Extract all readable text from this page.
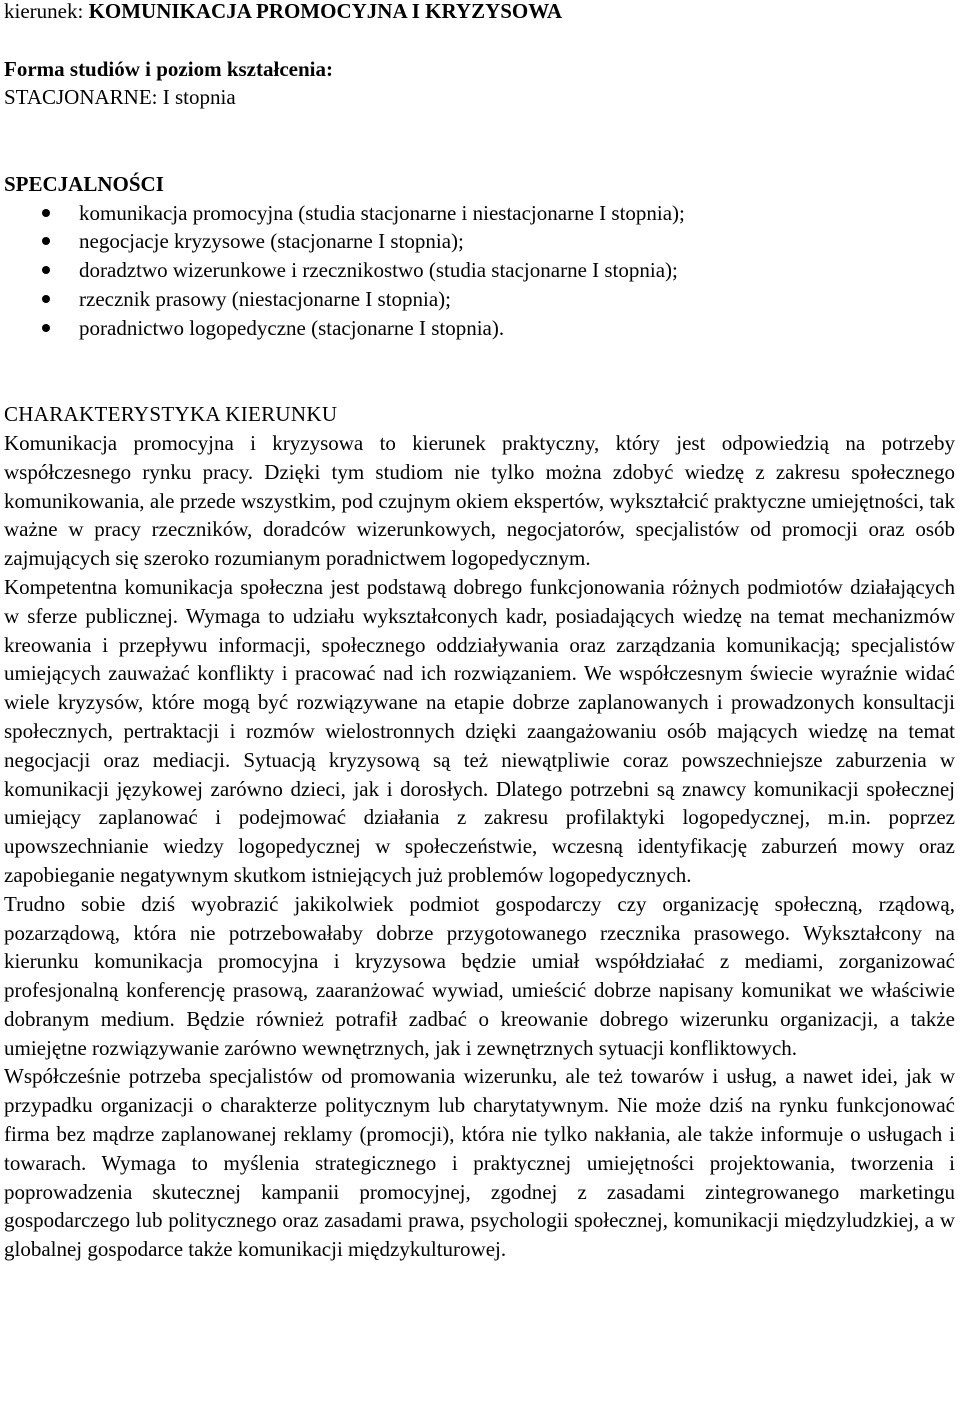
kierunek: KOMUNIKACJA PROMOCYJNA I KRYZYSOWA

Forma studiów i poziom kształcenia:

STACJONARNE: I stopnia

SPECJALNOŚCI

komunikacja promocyjna (studia stacjonarne i niestacjonarne I stopnia);
negocjacje kryzysowe (stacjonarne I stopnia);
doradztwo wizerunkowe i rzecznikostwo (studia stacjonarne I stopnia);
rzecznik prasowy (niestacjonarne I stopnia);
poradnictwo logopedyczne (stacjonarne I stopnia).

CHARAKTERYSTYKA KIERUNKU

Komunikacja promocyjna i kryzysowa to kierunek praktyczny, który jest odpowiedzią na potrzeby współczesnego rynku pracy. Dzięki tym studiom nie tylko można zdobyć wiedzę z zakresu społecznego komunikowania, ale przede wszystkim, pod czujnym okiem ekspertów, wykształcić praktyczne umiejętności, tak ważne w pracy rzeczników, doradców wizerunkowych, negocjatorów, specjalistów od promocji oraz osób zajmujących się szeroko rozumianym poradnictwem logopedycznym.

Kompetentna komunikacja społeczna jest podstawą dobrego funkcjonowania różnych podmiotów działających w sferze publicznej. Wymaga to udziału wykształconych kadr, posiadających wiedzę na temat mechanizmów kreowania i przepływu informacji, społecznego oddziaływania oraz zarządzania komunikacją; specjalistów umiejących zauważać konflikty i pracować nad ich rozwiązaniem. We współczesnym świecie wyraźnie widać wiele kryzysów, które mogą być rozwiązywane na etapie dobrze zaplanowanych i prowadzonych konsultacji społecznych, pertraktacji i rozmów wielostronnych dzięki zaangażowaniu osób mających wiedzę na temat negocjacji oraz mediacji. Sytuacją kryzysową są też niewątpliwie coraz powszechniejsze zaburzenia w komunikacji językowej zarówno dzieci, jak i dorosłych. Dlatego potrzebni są znawcy komunikacji społecznej umiejący zaplanować i podejmować działania z zakresu profilaktyki logopedycznej, m.in. poprzez upowszechnianie wiedzy logopedycznej w społeczeństwie, wczesną identyfikację zaburzeń mowy oraz zapobieganie negatywnym skutkom istniejących już problemów logopedycznych.

Trudno sobie dziś wyobrazić jakikolwiek podmiot gospodarczy czy organizację społeczną, rządową, pozarządową, która nie potrzebowałaby dobrze przygotowanego rzecznika prasowego. Wykształcony na kierunku komunikacja promocyjna i kryzysowa będzie umiał współdziałać z mediami, zorganizować profesjonalną konferencję prasową, zaaranżować wywiad, umieścić dobrze napisany komunikat we właściwie dobranym medium. Będzie również potrafił zadbać o kreowanie dobrego wizerunku organizacji, a także umiejętne rozwiązywanie zarówno wewnętrznych, jak i zewnętrznych sytuacji konfliktowych.

Współcześnie potrzeba specjalistów od promowania wizerunku, ale też towarów i usług, a nawet idei, jak w przypadku organizacji o charakterze politycznym lub charytatywnym. Nie może dziś na rynku funkcjonować firma bez mądrze zaplanowanej reklamy (promocji), która nie tylko nakłania, ale także informuje o usługach i towarach. Wymaga to myślenia strategicznego i praktycznej umiejętności projektowania, tworzenia i poprowadzenia skutecznej kampanii promocyjnej, zgodnej z zasadami zintegrowanego marketingu gospodarczego lub politycznego oraz zasadami prawa, psychologii społecznej, komunikacji międzyludzkiej, a w globalnej gospodarce także komunikacji międzykulturowej.
